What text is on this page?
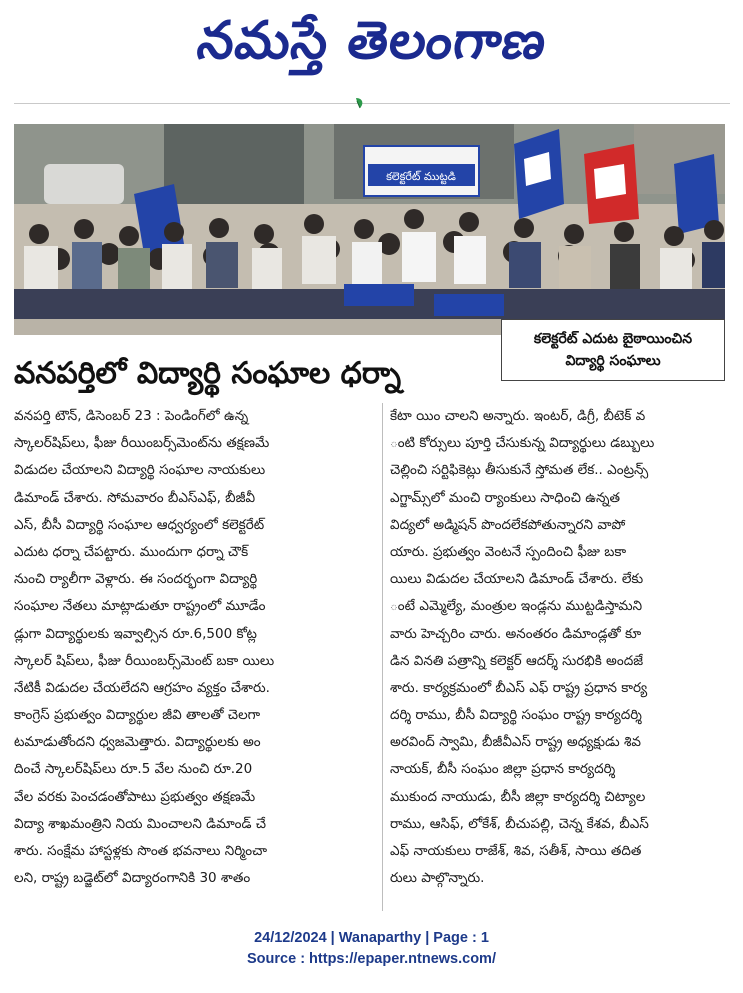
నమస్తే తెలంగాణ
కలెక్టరేట్ ముట్టడి
కలెక్టరేట్ ఎదుట బైఠాయించిన
విద్యార్థి సంఘాలు
వనపర్తిలో విద్యార్థి సంఘాల ధర్నా
వనపర్తి టౌన్, డిసెంబర్ 23 : పెండింగ్‌లో ఉన్న
స్కాలర్‌షిప్‌లు, ఫీజు రీయింబర్స్‌మెంట్‌ను తక్షణమే
విడుదల చేయాలని విద్యార్థి సంఘాల నాయకులు
డిమాండ్ చేశారు. సోమవారం బీఎస్ఎఫ్, బీజీవీ
ఎస్, బీసీ విద్యార్థి సంఘాల ఆధ్వర్యంలో కలెక్టరేట్
ఎదుట ధర్నా చేపట్టారు. ముందుగా ధర్నా చౌక్
నుంచి ర్యాలీగా వెళ్లారు. ఈ సందర్భంగా విద్యార్థి
సంఘాల నేతలు మాట్లాడుతూ రాష్ట్రంలో మూడేం
డ్లుగా విద్యార్థులకు ఇవ్వాల్సిన రూ.6,500 కోట్ల
స్కాలర్ షిప్‌లు, ఫీజు రీయింబర్స్‌మెంట్ బకా యిలు
నేటికీ విడుదల చేయలేదని ఆగ్రహం వ్యక్తం చేశారు.
కాంగ్రెస్ ప్రభుత్వం విద్యార్థుల జీవి తాలతో చెలగా
టమాడుతోందని ధ్వజమెత్తారు. విద్యార్థులకు అం
దించే స్కాలర్‌షిప్‌లు రూ.5 వేల నుంచి రూ.20
వేల వరకు పెంచడంతోపాటు ప్రభుత్వం తక్షణమే
విద్యా శాఖమంత్రిని నియ మించాలని డిమాండ్ చే
శారు. సంక్షేమ హాస్టళ్లకు సొంత భవనాలు నిర్మించా
లని, రాష్ట్ర బడ్జెట్‌లో విద్యారంగానికి 30 శాతం
కేటా యిం చాలని అన్నారు. ఇంటర్, డిగ్రీ, బీటెక్ వ
ంటి కోర్సులు పూర్తి చేసుకున్న విద్యార్థులు డబ్బులు
చెల్లించి సర్టిఫికెట్లు తీసుకునే స్తోమత లేక.. ఎంట్రన్స్
ఎగ్జామ్స్‌లో మంచి ర్యాంకులు సాధించి ఉన్నత
విద్యలో అడ్మిషన్ పొందలేకపోతున్నారని వాపో
యారు. ప్రభుత్వం వెంటనే స్పందించి ఫీజు బకా
యిలు విడుదల చేయాలని డిమాండ్ చేశారు. లేకు
ంటే ఎమ్మెల్యే, మంత్రుల ఇండ్లను ముట్టడిస్తామని
వారు హెచ్చరిం చారు. అనంతరం డిమాండ్లతో కూ
డిన వినతి పత్రాన్ని కలెక్టర్ ఆదర్శ్ సురభికి అందజే
శారు. కార్యక్రమంలో బీఎస్ ఎఫ్ రాష్ట్ర ప్రధాన కార్య
దర్శి రాము, బీసీ విద్యార్థి సంఘం రాష్ట్ర కార్యదర్శి
అరవింద్ స్వామి, బీజీవీఎస్ రాష్ట్ర అధ్యక్షుడు శివ
నాయక్, బీసీ సంఘం జిల్లా ప్రధాన కార్యదర్శి
ముకుంద నాయుడు, బీసీ జిల్లా కార్యదర్శి చిట్యాల
రాము, ఆసిఫ్, లోకేశ్, బీచుపల్లి, చెన్న కేశవ, బీఎస్
ఎఫ్ నాయకులు రాజేశ్, శివ, సతీశ్, సాయి తదిత
రులు పాల్గొన్నారు.
24/12/2024 | Wanaparthy | Page : 1
Source : https://epaper.ntnews.com/
